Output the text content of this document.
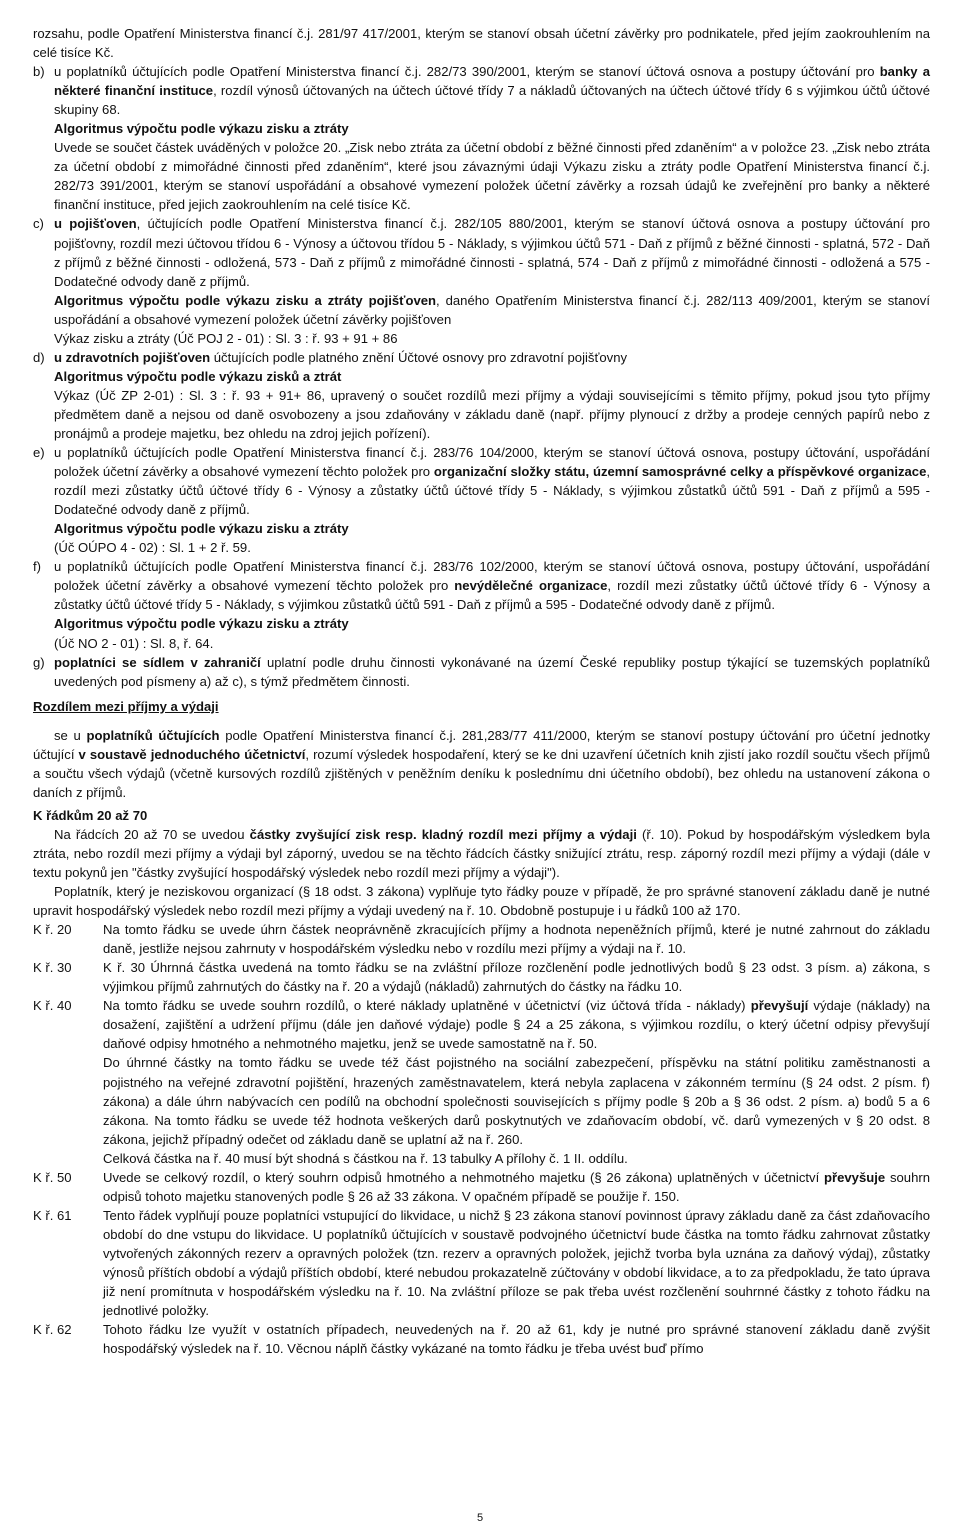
rozsahu, podle Opatření Ministerstva financí č.j. 281/97 417/2001, kterým se stanoví obsah účetní závěrky pro podnikatele, před jejím zaokrouhlením na celé tisíce Kč.

b) u poplatníků účtujících podle Opatření Ministerstva financí č.j. 282/73 390/2001, kterým se stanoví účtová osnova a postupy účtování pro banky a některé finanční instituce, rozdíl výnosů účtovaných na účtech účtové třídy 7 a nákladů účtovaných na účtech účtové třídy 6 s výjimkou účtů účtové skupiny 68.

Algoritmus výpočtu podle výkazu zisku a ztráty

Uvede se součet částek uváděných v položce 20. „Zisk nebo ztráta za účetní období z běžné činnosti před zdaněním“ a v položce 23. „Zisk nebo ztráta za účetní období z mimořádné činnosti před zdaněním“, které jsou závaznými údaji Výkazu zisku a ztráty podle Opatření Ministerstva financí č.j. 282/73 391/2001, kterým se stanoví uspořádání a obsahové vymezení položek účetní závěrky a rozsah údajů ke zveřejnění pro banky a některé finanční instituce, před jejich zaokrouhlením na celé tisíce Kč.

c) u pojišťoven, účtujících podle Opatření Ministerstva financí č.j. 282/105 880/2001, kterým se stanoví účtová osnova a postupy účtování pro pojišťovny, rozdíl mezi účtovou třídou 6 - Výnosy a účtovou třídou 5 - Náklady, s výjimkou účtů 571 - Daň z příjmů z běžné činnosti - splatná, 572 - Daň z příjmů z běžné činnosti - odložená, 573 - Daň z příjmů z mimořádné činnosti - splatná, 574 - Daň z příjmů z mimořádné činnosti - odložená a 575 - Dodatečné odvody daně z příjmů.

Algoritmus výpočtu podle výkazu zisku a ztráty pojišťoven, daného Opatřením Ministerstva financí č.j. 282/113 409/2001, kterým se stanoví uspořádání a obsahové vymezení položek účetní závěrky pojišťoven

Výkaz zisku a ztráty (Úč POJ 2 - 01) : Sl. 3 : ř. 93 + 91 + 86

d) u zdravotních pojišťoven účtujících podle platného znění Účtové osnovy pro zdravotní pojišťovny

Algoritmus výpočtu podle výkazu zisků a ztrát

Výkaz (Úč ZP 2-01) : Sl. 3 : ř. 93 + 91+ 86, upravený o součet rozdílů mezi příjmy a výdaji souvisejícími s těmito příjmy, pokud jsou tyto příjmy předmětem daně a nejsou od daně osvobozeny a jsou zdaňovány v základu daně (např. příjmy plynoucí z držby a prodeje cenných papírů nebo z pronájmů a prodeje majetku, bez ohledu na zdroj jejich pořízení).

e) u poplatníků účtujících podle Opatření Ministerstva financí č.j. 283/76 104/2000, kterým se stanoví účtová osnova, postupy účtování, uspořádání položek účetní závěrky a obsahové vymezení těchto položek pro organizační složky státu, územní samosprávné celky a příspěvkové organizace, rozdíl mezi zůstatky účtů účtové třídy 6 - Výnosy a zůstatky účtů účtové třídy 5 - Náklady, s výjimkou zůstatků účtů 591 - Daň z příjmů a 595 - Dodatečné odvody daně z příjmů.

Algoritmus výpočtu podle výkazu zisku a ztráty

(Úč OÚPO 4 - 02) : Sl. 1 + 2 ř. 59.

f) u poplatníků účtujících podle Opatření Ministerstva financí č.j. 283/76 102/2000, kterým se stanoví účtová osnova, postupy účtování, uspořádání položek účetní závěrky a obsahové vymezení těchto položek pro nevýdělečné organizace, rozdíl mezi zůstatky účtů účtové třídy 6 - Výnosy a zůstatky účtů účtové třídy 5 - Náklady, s výjimkou zůstatků účtů 591 - Daň z příjmů a 595 - Dodatečné odvody daně z příjmů.

Algoritmus výpočtu podle výkazu zisku a ztráty

(Úč NO 2 - 01) : Sl. 8, ř. 64.

g) poplatníci se sídlem v zahraničí uplatní podle druhu činnosti vykonávané na území České republiky postup týkající se tuzemských poplatníků uvedených pod písmeny a) až c), s týmž předmětem činnosti.

Rozdílem mezi příjmy a výdaji

se u poplatníků účtujících podle Opatření Ministerstva financí č.j. 281,283/77 411/2000, kterým se stanoví postupy účtování pro účetní jednotky účtující v soustavě jednoduchého účetnictví, rozumí výsledek hospodaření, který se ke dni uzavření účetních knih zjistí jako rozdíl součtu všech příjmů a součtu všech výdajů (včetně kursových rozdílů zjištěných v peněžním deníku k poslednímu dni účetního období), bez ohledu na ustanovení zákona o daních z příjmů.

K řádkům 20 až 70

Na řádcích 20 až 70 se uvedou částky zvyšující zisk resp. kladný rozdíl mezi příjmy a výdaji (ř. 10). Pokud by hospodářským výsledkem byla ztráta, nebo rozdíl mezi příjmy a výdaji byl záporný, uvedou se na těchto řádcích částky snižující ztrátu, resp. záporný rozdíl mezi příjmy a výdaji (dále v textu pokynů jen "částky zvyšující hospodářský výsledek nebo rozdíl mezi příjmy a výdaji").

Poplatník, který je neziskovou organizací (§ 18 odst. 3 zákona) vyplňuje tyto řádky pouze v případě, že pro správné stanovení základu daně je nutné upravit hospodářský výsledek nebo rozdíl mezi příjmy a výdaji uvedený na ř. 10. Obdobně postupuje i u řádků 100 až 170.

K ř. 20	Na tomto řádku se uvede úhrn částek neoprávněně zkracujících příjmy a hodnota nepeněžních příjmů, které je nutné zahrnout do základu daně, jestliže nejsou zahrnuty v hospodářském výsledku nebo v rozdílu mezi příjmy a výdaji na ř. 10.

K ř. 30	K ř. 30 Úhrnná částka uvedená na tomto řádku se na zvláštní příloze rozčlenění podle jednotlivých bodů § 23 odst. 3 písm. a) zákona, s výjimkou příjmů zahrnutých do částky na ř. 20 a výdajů (nákladů) zahrnutých do částky na řádku 10.

K ř. 40	Na tomto řádku se uvede souhrn rozdílů, o které náklady uplatněné v účetnictví (viz účtová třída - náklady) převyšují výdaje (náklady) na dosažení, zajištění a udržení příjmu (dále jen daňové výdaje) podle § 24 a 25 zákona, s výjimkou rozdílu, o který účetní odpisy převyšují daňové odpisy hmotného a nehmotného majetku, jenž se uvede samostatně na ř. 50.

Do úhrnné částky na tomto řádku se uvede též část pojistného na sociální zabezpečení, příspěvku na státní politiku zaměstnanosti a pojistného na veřejné zdravotní pojištění, hrazených zaměstnavatelem, která nebyla zaplacena v zákonném termínu (§ 24 odst. 2 písm. f) zákona) a dále úhrn nabývacích cen podílů na obchodní společnosti souvisejících s příjmy podle § 20b a § 36 odst. 2 písm. a) bodů 5 a 6 zákona. Na tomto řádku se uvede též hodnota veškerých darů poskytnutých ve zdaňovacím období, vč. darů vymezených v § 20 odst. 8 zákona, jejichž případný odečet od základu daně se uplatní až na ř. 260.

Celková částka na ř. 40 musí být shodná s částkou na ř. 13 tabulky A přílohy č. 1 II. oddílu.

K ř. 50	Uvede se celkový rozdíl, o který souhrn odpisů hmotného a nehmotného majetku (§ 26 zákona) uplatněných v účetnictví převyšuje souhrn odpisů tohoto majetku stanovených podle § 26 až 33 zákona. V opačném případě se použije ř. 150.

K ř. 61	Tento řádek vyplňují pouze poplatníci vstupující do likvidace, u nichž § 23 zákona stanoví povinnost úpravy základu daně za část zdaňovacího období do dne vstupu do likvidace. U poplatníků účtujících v soustavě podvojného účetnictví bude částka na tomto řádku zahrnovat zůstatky vytvořených zákonných rezerv a opravných položek (tzn. rezerv a opravných položek, jejichž tvorba byla uznána za daňový výdaj), zůstatky výnosů příštích období a výdajů příštích období, které nebudou prokazatelně zúčtovány v období likvidace, a to za předpokladu, že tato úprava již není promítnuta v hospodářském výsledku na ř. 10. Na zvláštní příloze se pak třeba uvést rozčlenění souhrnné částky z tohoto řádku na jednotlivé položky.

K ř. 62	Tohoto řádku lze využít v ostatních případech, neuvedených na ř. 20 až 61, kdy je nutné pro správné stanovení základu daně zvýšit hospodářský výsledek na ř. 10. Věcnou náplň částky vykázané na tomto řádku je třeba uvést buď přímo

5
